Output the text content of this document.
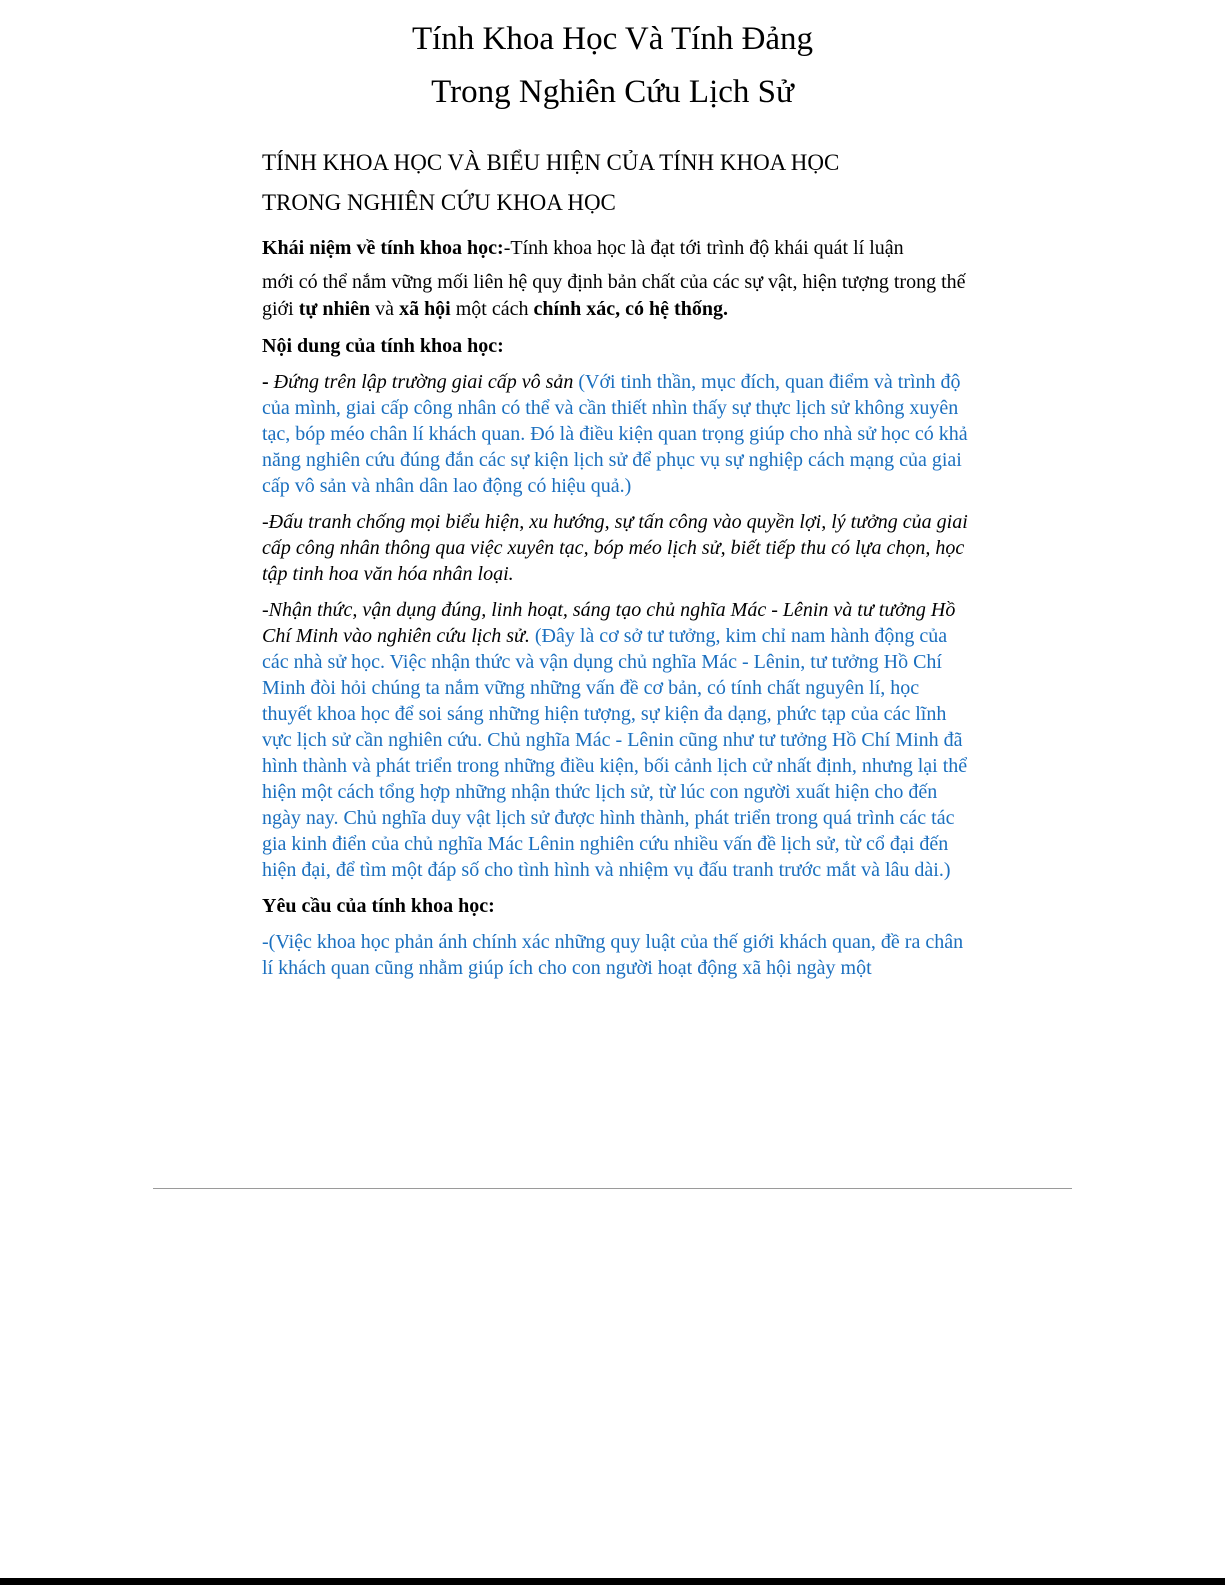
Tính Khoa Học Và Tính Đảng
Trong Nghiên Cứu Lịch Sử
TÍNH KHOA HỌC VÀ BIỂU HIỆN CỦA TÍNH KHOA HỌC
TRONG NGHIÊN CỨU KHOA HỌC

Khái niệm về tính khoa học:-Tính khoa học là đạt tới trình độ khái quát lí luận
mới có thể nắm vững mối liên hệ quy định bản chất của các sự vật, hiện tượng trong thế giới tự nhiên và xã hội một cách chính xác, có hệ thống.

Nội dung của tính khoa học:

- Đứng trên lập trường giai cấp vô sản (Với tinh thần, mục đích, quan điểm và trình độ của mình, giai cấp công nhân có thể và cần thiết nhìn thấy sự thực lịch sử không xuyên tạc, bóp méo chân lí khách quan. Đó là điều kiện quan trọng giúp cho nhà sử học có khả năng nghiên cứu đúng đắn các sự kiện lịch sử để phục vụ sự nghiệp cách mạng của giai cấp vô sản và nhân dân lao động có hiệu quả.)

-Đấu tranh chống mọi biểu hiện, xu hướng, sự tấn công vào quyền lợi, lý tưởng của giai cấp công nhân thông qua việc xuyên tạc, bóp méo lịch sử, biết tiếp thu có lựa chọn, học tập tinh hoa văn hóa nhân loại.

-Nhận thức, vận dụng đúng, linh hoạt, sáng tạo chủ nghĩa Mác - Lênin và tư tưởng Hồ Chí Minh vào nghiên cứu lịch sử. (Đây là cơ sở tư tưởng, kim chỉ nam hành động của các nhà sử học. Việc nhận thức và vận dụng chủ nghĩa Mác - Lênin, tư tưởng Hồ Chí Minh đòi hỏi chúng ta nắm vững những vấn đề cơ bản, có tính chất nguyên lí, học thuyết khoa học để soi sáng những hiện tượng, sự kiện đa dạng, phức tạp của các lĩnh vực lịch sử cần nghiên cứu. Chủ nghĩa Mác - Lênin cũng như tư tưởng Hồ Chí Minh đã hình thành và phát triển trong những điều kiện, bối cảnh lịch cử nhất định, nhưng lại thể hiện một cách tổng hợp những nhận thức lịch sử, từ lúc con người xuất hiện cho đến ngày nay. Chủ nghĩa duy vật lịch sử được hình thành, phát triển trong quá trình các tác gia kinh điển của chủ nghĩa Mác Lênin nghiên cứu nhiều vấn đề lịch sử, từ cổ đại đến hiện đại, để tìm một đáp số cho tình hình và nhiệm vụ đấu tranh trước mắt và lâu dài.)

Yêu cầu của tính khoa học:

-(Việc khoa học phản ánh chính xác những quy luật của thế giới khách quan, đề ra chân lí khách quan cũng nhằm giúp ích cho con người hoạt động xã hội ngày một
